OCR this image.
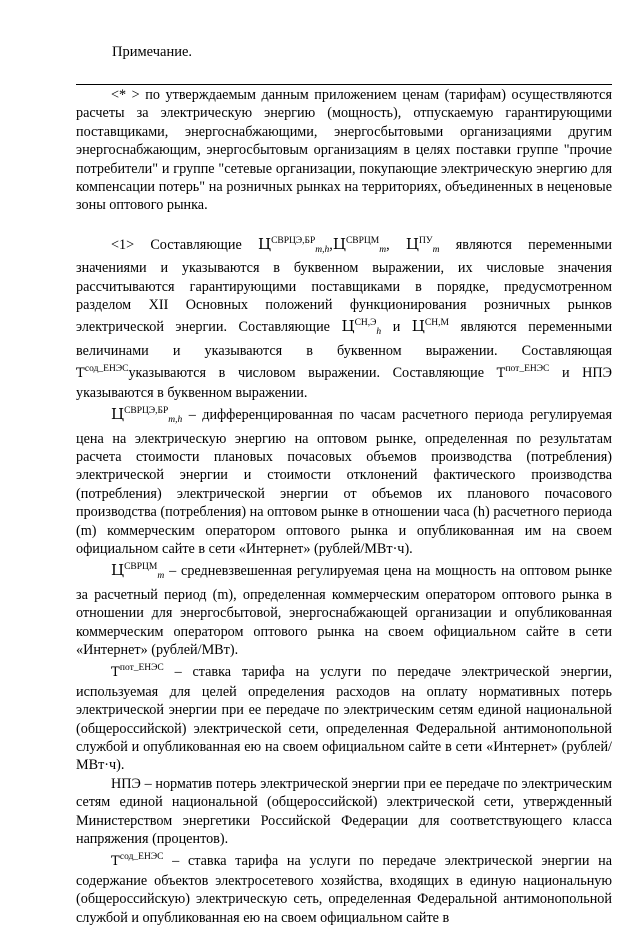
Примечание.

<* > по утверждаемым данным приложением ценам (тарифам) осуществляются расчеты за электрическую энергию (мощность), отпускаемую гарантирующими поставщиками, энергоснабжающими, энергосбытовыми организациями другим энергоснабжающим, энергосбытовым организациям в целях поставки группе "прочие потребители" и группе "сетевые организации, покупающие электрическую энергию для компенсации потерь" на розничных рынках на территориях, объединенных в неценовые зоны оптового рынка.

<1> Составляющие $Ц^{СВРЦЭ,БР}_{m,h},Ц^{СВРЦМ}_m$, $Ц^{ПУ}_m$ являются переменными значениями и указываются в буквенном выражении, их числовые значения рассчитываются гарантирующими поставщиками в порядке, предусмотренном разделом XII Основных положений функционирования розничных рынков электрической энергии. Составляющие $Ц^{СН,Э}_h$ и $Ц^{СН,М}$ являются переменными величинами и указываются в буквенном выражении. Составляющая $Т^{сод\_ЕНЭС}указываются$ в числовом выражении. Составляющие $Т^{пот\_ЕНЭС}$ и НПЭ указываются в буквенном выражении.

$Ц^{СВРЦЭ,БР}_{m,h}$ – дифференцированная по часам расчетного периода регулируемая цена на электрическую энергию на оптовом рынке, определенная по результатам расчета стоимости плановых почасовых объемов производства (потребления) электрической энергии и стоимости отклонений фактического производства (потребления) электрической энергии от объемов их планового почасового производства (потребления) на оптовом рынке в отношении часа (h) расчетного периода (m) коммерческим оператором оптового рынка и опубликованная им на своем официальном сайте в сети «Интернет» (рублей/МВт·ч).

$Ц^{СВРЦМ}_m$ – средневзвешенная регулируемая цена на мощность на оптовом рынке за расчетный период (m), определенная коммерческим оператором оптового рынка в отношении для энергосбытовой, энергоснабжающей организации и опубликованная коммерческим оператором оптового рынка на своем официальном сайте в сети «Интернет» (рублей/МВт).

$Т^{пот\_ЕНЭС}$ – ставка тарифа на услуги по передаче электрической энергии, используемая для целей определения расходов на оплату нормативных потерь электрической энергии при ее передаче по электрическим сетям единой национальной (общероссийской) электрической сети, определенная Федеральной антимонопольной службой и опубликованная ею на своем официальном сайте в сети «Интернет» (рублей/МВт·ч).

НПЭ – норматив потерь электрической энергии при ее передаче по электрическим сетям единой национальной (общероссийской) электрической сети, утвержденный Министерством энергетики Российской Федерации для соответствующего класса напряжения (процентов).

$Т^{сод\_ЕНЭС}$ – ставка тарифа на услуги по передаче электрической энергии на содержание объектов электросетевого хозяйства, входящих в единую национальную (общероссийскую) электрическую сеть, определенная Федеральной антимонопольной службой и опубликованная ею на своем официальном сайте в
